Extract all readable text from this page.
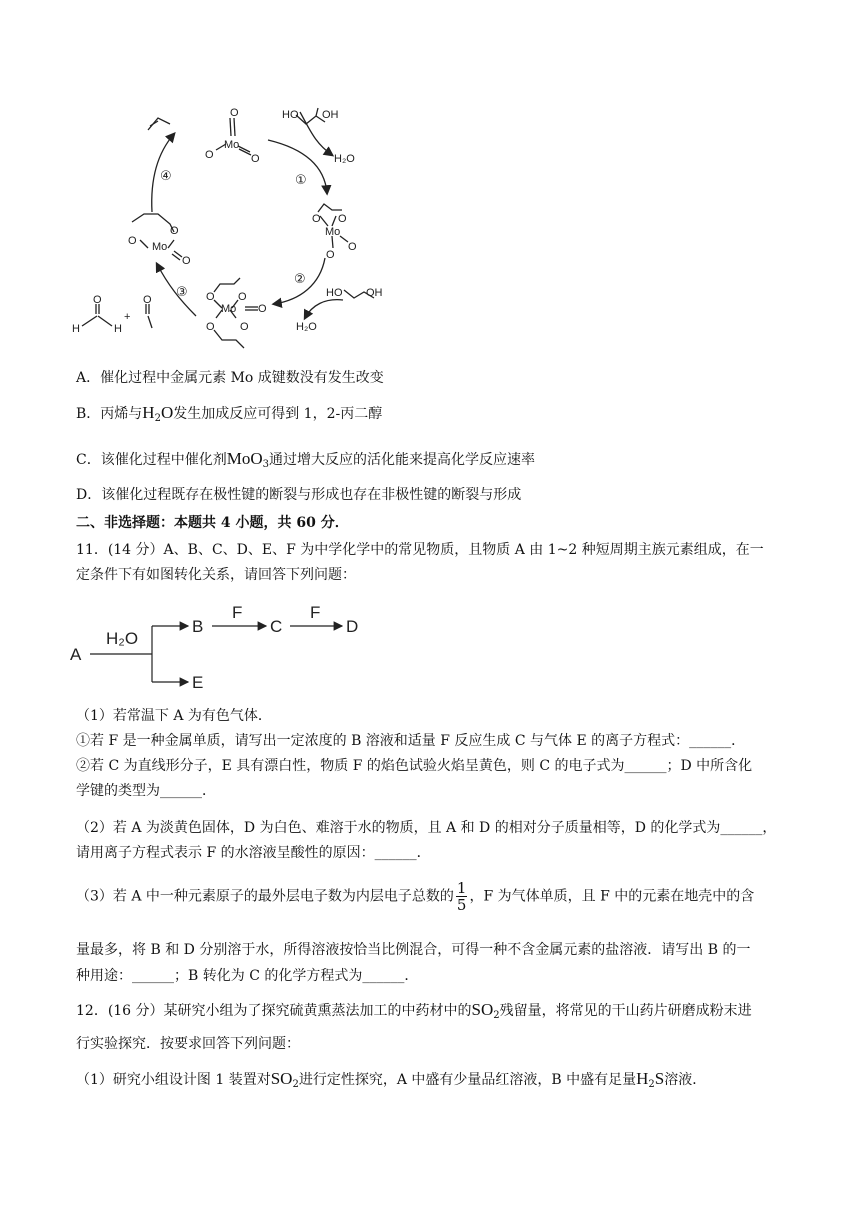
O
O
Mo
O
HO OH
H₂O
O O
Mo
O
O
HO OH
H₂O
O O
Mo O
O O
O
O Mo
O
O
H	H
+
O
①
②
③
④
A．催化过程中金属元素 Mo 成键数没有发生改变
B．丙烯与$H_2O$发生加成反应可得到 1，2-丙二醇
C．该催化过程中催化剂MoO$_3$通过增大反应的活化能来提高化学反应速率
D．该催化过程既存在极性键的断裂与形成也存在非极性键的断裂与形成
二、非选择题：本题共 4 小题，共 60 分．
11．(14 分）A、B、C、D、E、F 为中学化学中的常见物质，且物质 A 由 1~2 种短周期主族元素组成，在一
定条件下有如图转化关系，请回答下列问题：
A
H₂O
B
F
C
F
D
E
（1）若常温下 A 为有色气体．
①若 F 是一种金属单质，请写出一定浓度的 B 溶液和适量 F 反应生成 C 与气体 E 的离子方程式：______．
②若 C 为直线形分子，E 具有漂白性，物质 F 的焰色试验火焰呈黄色，则 C 的电子式为______；D 中所含化
学键的类型为______．
（2）若 A 为淡黄色固体，D 为白色、难溶于水的物质，且 A 和 D 的相对分子质量相等，D 的化学式为______，
请用离子方程式表示 F 的水溶液呈酸性的原因：______．
（3）若 A 中一种元素原子的最外层电子数为内层电子总数的 $\frac{1}{5}$ ，F 为气体单质，且 F 中的元素在地壳中的含
量最多，将 B 和 D 分别溶于水，所得溶液按恰当比例混合，可得一种不含金属元素的盐溶液．请写出 B 的一
种用途：______；B 转化为 C 的化学方程式为______．
12．(16 分）某研究小组为了探究硫黄熏蒸法加工的中药材中的$SO_2$残留量，将常见的干山药片研磨成粉末进
行实验探究．按要求回答下列问题：
（1）研究小组设计图 1 装置对$SO_2$进行定性探究，A 中盛有少量品红溶液，B 中盛有足量$H_2S$溶液．
